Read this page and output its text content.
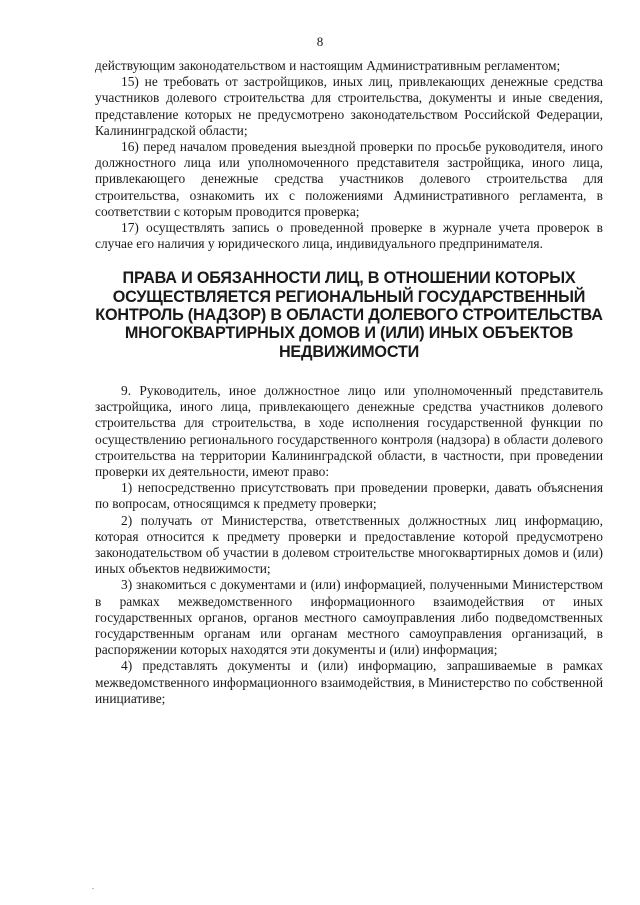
8

действующим законодательством и настоящим Административным регламентом;

15) не требовать от застройщиков, иных лиц, привлекающих денежные средства участников долевого строительства для строительства, документы и иные сведения, представление которых не предусмотрено законодательством Российской Федерации, Калининградской области;

16) перед началом проведения выездной проверки по просьбе руководителя, иного должностного лица или уполномоченного представителя застройщика, иного лица, привлекающего денежные средства участников долевого строительства для строительства, ознакомить их с положениями Административного регламента, в соответствии с которым проводится проверка;

17) осуществлять запись о проведенной проверке в журнале учета проверок в случае его наличия у юридического лица, индивидуального предпринимателя.

ПРАВА И ОБЯЗАННОСТИ ЛИЦ, В ОТНОШЕНИИ КОТОРЫХ ОСУЩЕСТВЛЯЕТСЯ РЕГИОНАЛЬНЫЙ ГОСУДАРСТВЕННЫЙ КОНТРОЛЬ (НАДЗОР) В ОБЛАСТИ ДОЛЕВОГО СТРОИТЕЛЬСТВА МНОГОКВАРТИРНЫХ ДОМОВ И (ИЛИ) ИНЫХ ОБЪЕКТОВ НЕДВИЖИМОСТИ

9. Руководитель, иное должностное лицо или уполномоченный представитель застройщика, иного лица, привлекающего денежные средства участников долевого строительства для строительства, в ходе исполнения государственной функции по осуществлению регионального государственного контроля (надзора) в области долевого строительства на территории Калининградской области, в частности, при проведении проверки их деятельности, имеют право:

1) непосредственно присутствовать при проведении проверки, давать объяснения по вопросам, относящимся к предмету проверки;

2) получать от Министерства, ответственных должностных лиц информацию, которая относится к предмету проверки и предоставление которой предусмотрено законодательством об участии в долевом строительстве многоквартирных домов и (или) иных объектов недвижимости;

3) знакомиться с документами и (или) информацией, полученными Министерством в рамках межведомственного информационного взаимодействия от иных государственных органов, органов местного самоуправления либо подведомственных государственным органам или органам местного самоуправления организаций, в распоряжении которых находятся эти документы и (или) информация;

4) представлять документы и (или) информацию, запрашиваемые в рамках межведомственного информационного взаимодействия, в Министерство по собственной инициативе;

.
